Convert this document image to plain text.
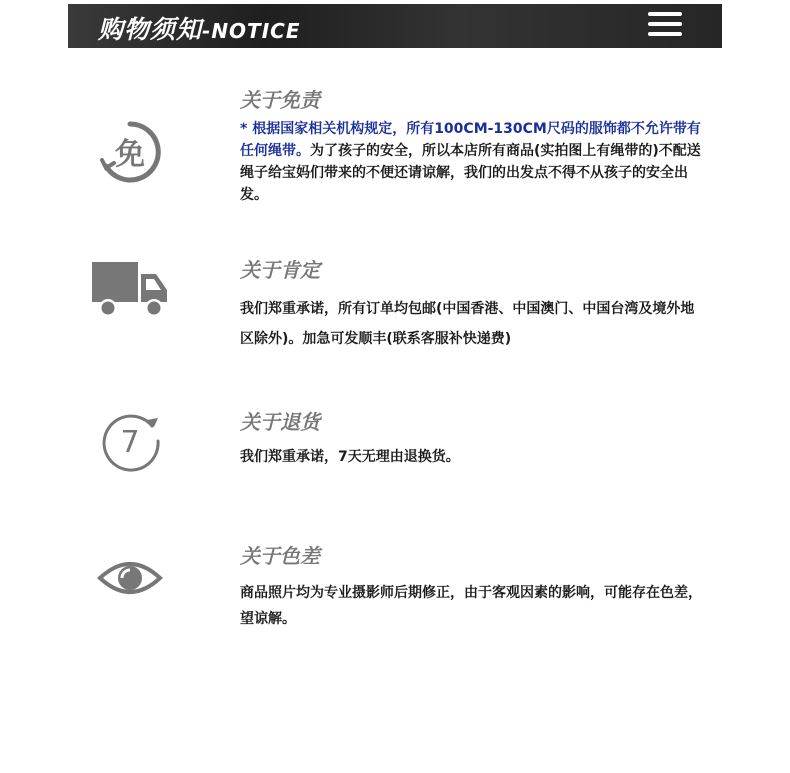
购物须知-NOTICE
免
关于免责
* 根据国家相关机构规定，所有100CM-130CM尺码的服饰都不允许带有任何绳带。为了孩子的安全，所以本店所有商品(实拍图上有绳带的)不配送绳子给宝妈们带来的不便还请谅解，我们的出发点不得不从孩子的安全出发。
关于肯定
我们郑重承诺，所有订单均包邮(中国香港、中国澳门、中国台湾及境外地区除外)。加急可发顺丰(联系客服补快递费)
7
关于退货
我们郑重承诺，7天无理由退换货。
关于色差
商品照片均为专业摄影师后期修正，由于客观因素的影响，可能存在色差，望谅解。
